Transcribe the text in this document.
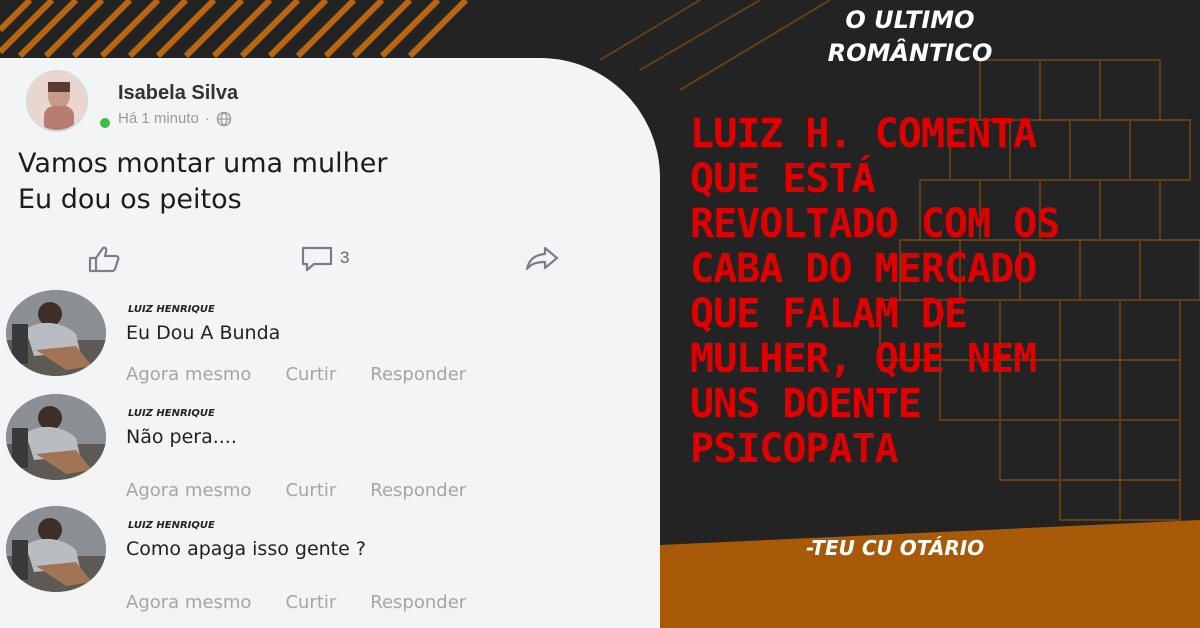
Isabela Silva
Há 1 minuto ·
Vamos montar uma mulher
Eu dou os peitos
3
LUIZ HENRIQUE
Eu Dou A Bunda
Agora mesmo Curtir Responder
LUIZ HENRIQUE
Não pera....
Agora mesmo Curtir Responder
LUIZ HENRIQUE
Como apaga isso gente ?
Agora mesmo Curtir Responder
O ULTIMO
ROMÂNTICO
LUIZ H. COMENTA
QUE ESTÁ
REVOLTADO COM OS
CABA DO MERCADO
QUE FALAM DE
MULHER, QUE NEM
UNS DOENTE
PSICOPATA
-TEU CU OTÁRIO
